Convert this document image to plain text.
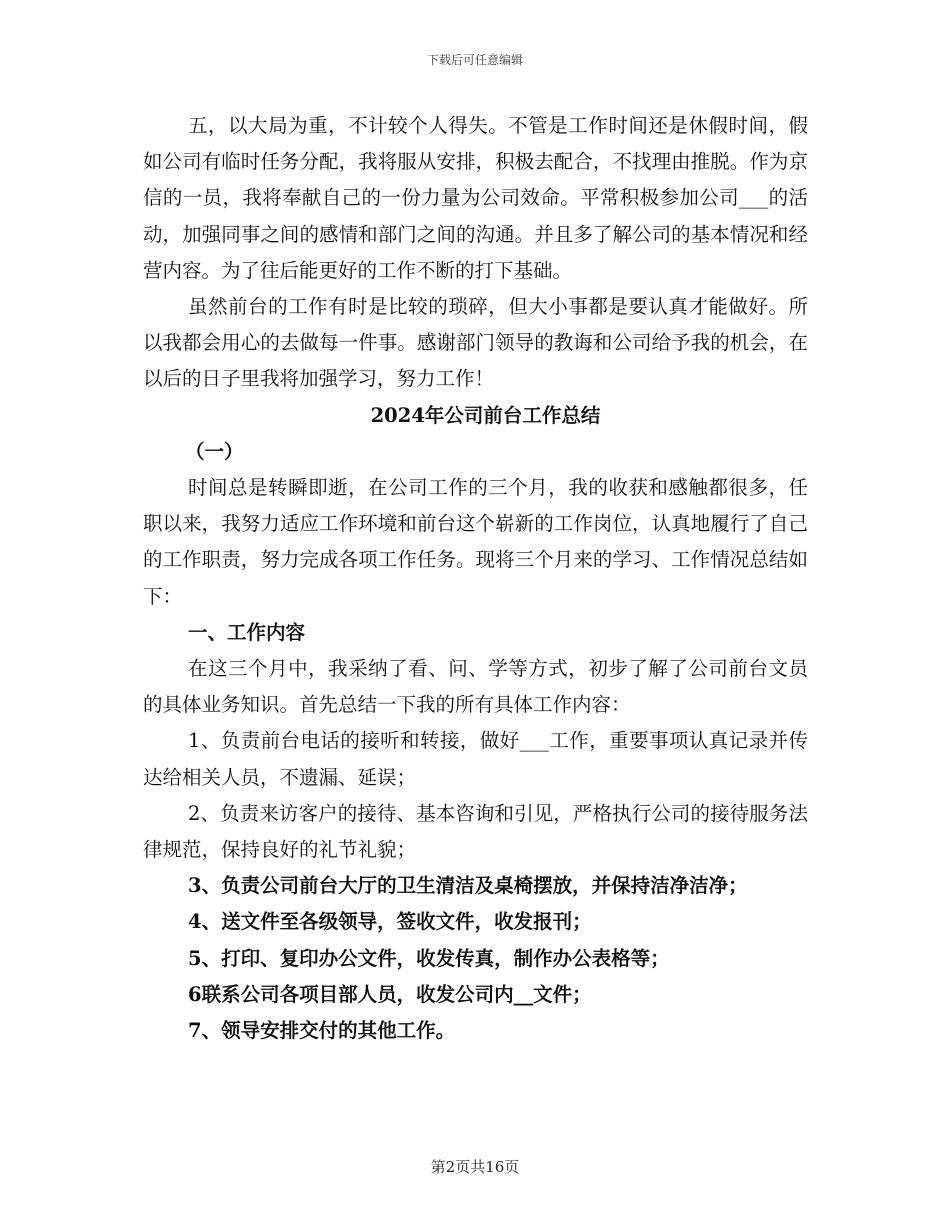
下载后可任意编辑

五，以大局为重，不计较个人得失。不管是工作时间还是休假时间，假如公司有临时任务分配，我将服从安排，积极去配合，不找理由推脱。作为京信的一员，我将奉献自己的一份力量为公司效命。平常积极参加公司___的活动，加强同事之间的感情和部门之间的沟通。并且多了解公司的基本情况和经营内容。为了往后能更好的工作不断的打下基础。

虽然前台的工作有时是比较的琐碎，但大小事都是要认真才能做好。所以我都会用心的去做每一件事。感谢部门领导的教诲和公司给予我的机会，在以后的日子里我将加强学习，努力工作！

2024年公司前台工作总结

（一）

时间总是转瞬即逝，在公司工作的三个月，我的收获和感触都很多，任职以来，我努力适应工作环境和前台这个崭新的工作岗位，认真地履行了自己的工作职责，努力完成各项工作任务。现将三个月来的学习、工作情况总结如下：

一、工作内容

在这三个月中，我采纳了看、问、学等方式，初步了解了公司前台文员的具体业务知识。首先总结一下我的所有具体工作内容：

1、负责前台电话的接听和转接，做好___工作，重要事项认真记录并传达给相关人员，不遗漏、延误；

2、负责来访客户的接待、基本咨询和引见，严格执行公司的接待服务法律规范，保持良好的礼节礼貌；

3、负责公司前台大厅的卫生清洁及桌椅摆放，并保持洁净洁净；

4、送文件至各级领导，签收文件，收发报刊；

5、打印、复印办公文件，收发传真，制作办公表格等；

6联系公司各项目部人员，收发公司内__文件；

7、领导安排交付的其他工作。

第2页共16页
